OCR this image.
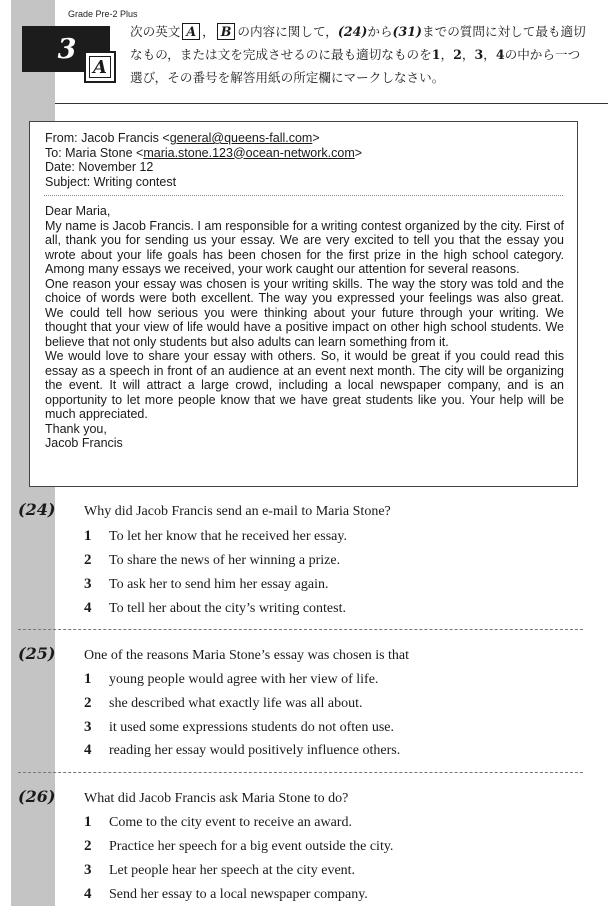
Grade Pre-2 Plus
3
A
次の英文 A ， B の内容に関して，(24)から(31)までの質問に対して最も適切なもの，または文を完成させるのに最も適切なものを1，2，3，4の中から一つ選び，その番号を解答用紙の所定欄にマークしなさい。
From: Jacob Francis <general@queens-fall.com>
To: Maria Stone <maria.stone.123@ocean-network.com>
Date: November 12
Subject: Writing contest

Dear Maria,

My name is Jacob Francis. I am responsible for a writing contest organized by the city. First of all, thank you for sending us your essay. We are very excited to tell you that the essay you wrote about your life goals has been chosen for the first prize in the high school category. Among many essays we received, your work caught our attention for several reasons.

One reason your essay was chosen is your writing skills. The way the story was told and the choice of words were both excellent. The way you expressed your feelings was also great. We could tell how serious you were thinking about your future through your writing. We thought that your view of life would have a positive impact on other high school students. We believe that not only students but also adults can learn something from it.

We would love to share your essay with others. So, it would be great if you could read this essay as a speech in front of an audience at an event next month. The city will be organizing the event. It will attract a large crowd, including a local newspaper company, and is an opportunity to let more people know that we have great students like you. Your help will be much appreciated.

Thank you,

Jacob Francis

(24) Why did Jacob Francis send an e-mail to Maria Stone?
1 To let her know that he received her essay.
2 To share the news of her winning a prize.
3 To ask her to send him her essay again.
4 To tell her about the city’s writing contest.
(25) One of the reasons Maria Stone’s essay was chosen is that
1 young people would agree with her view of life.
2 she described what exactly life was all about.
3 it used some expressions students do not often use.
4 reading her essay would positively influence others.
(26) What did Jacob Francis ask Maria Stone to do?
1 Come to the city event to receive an award.
2 Practice her speech for a big event outside the city.
3 Let people hear her speech at the city event.
4 Send her essay to a local newspaper company.
